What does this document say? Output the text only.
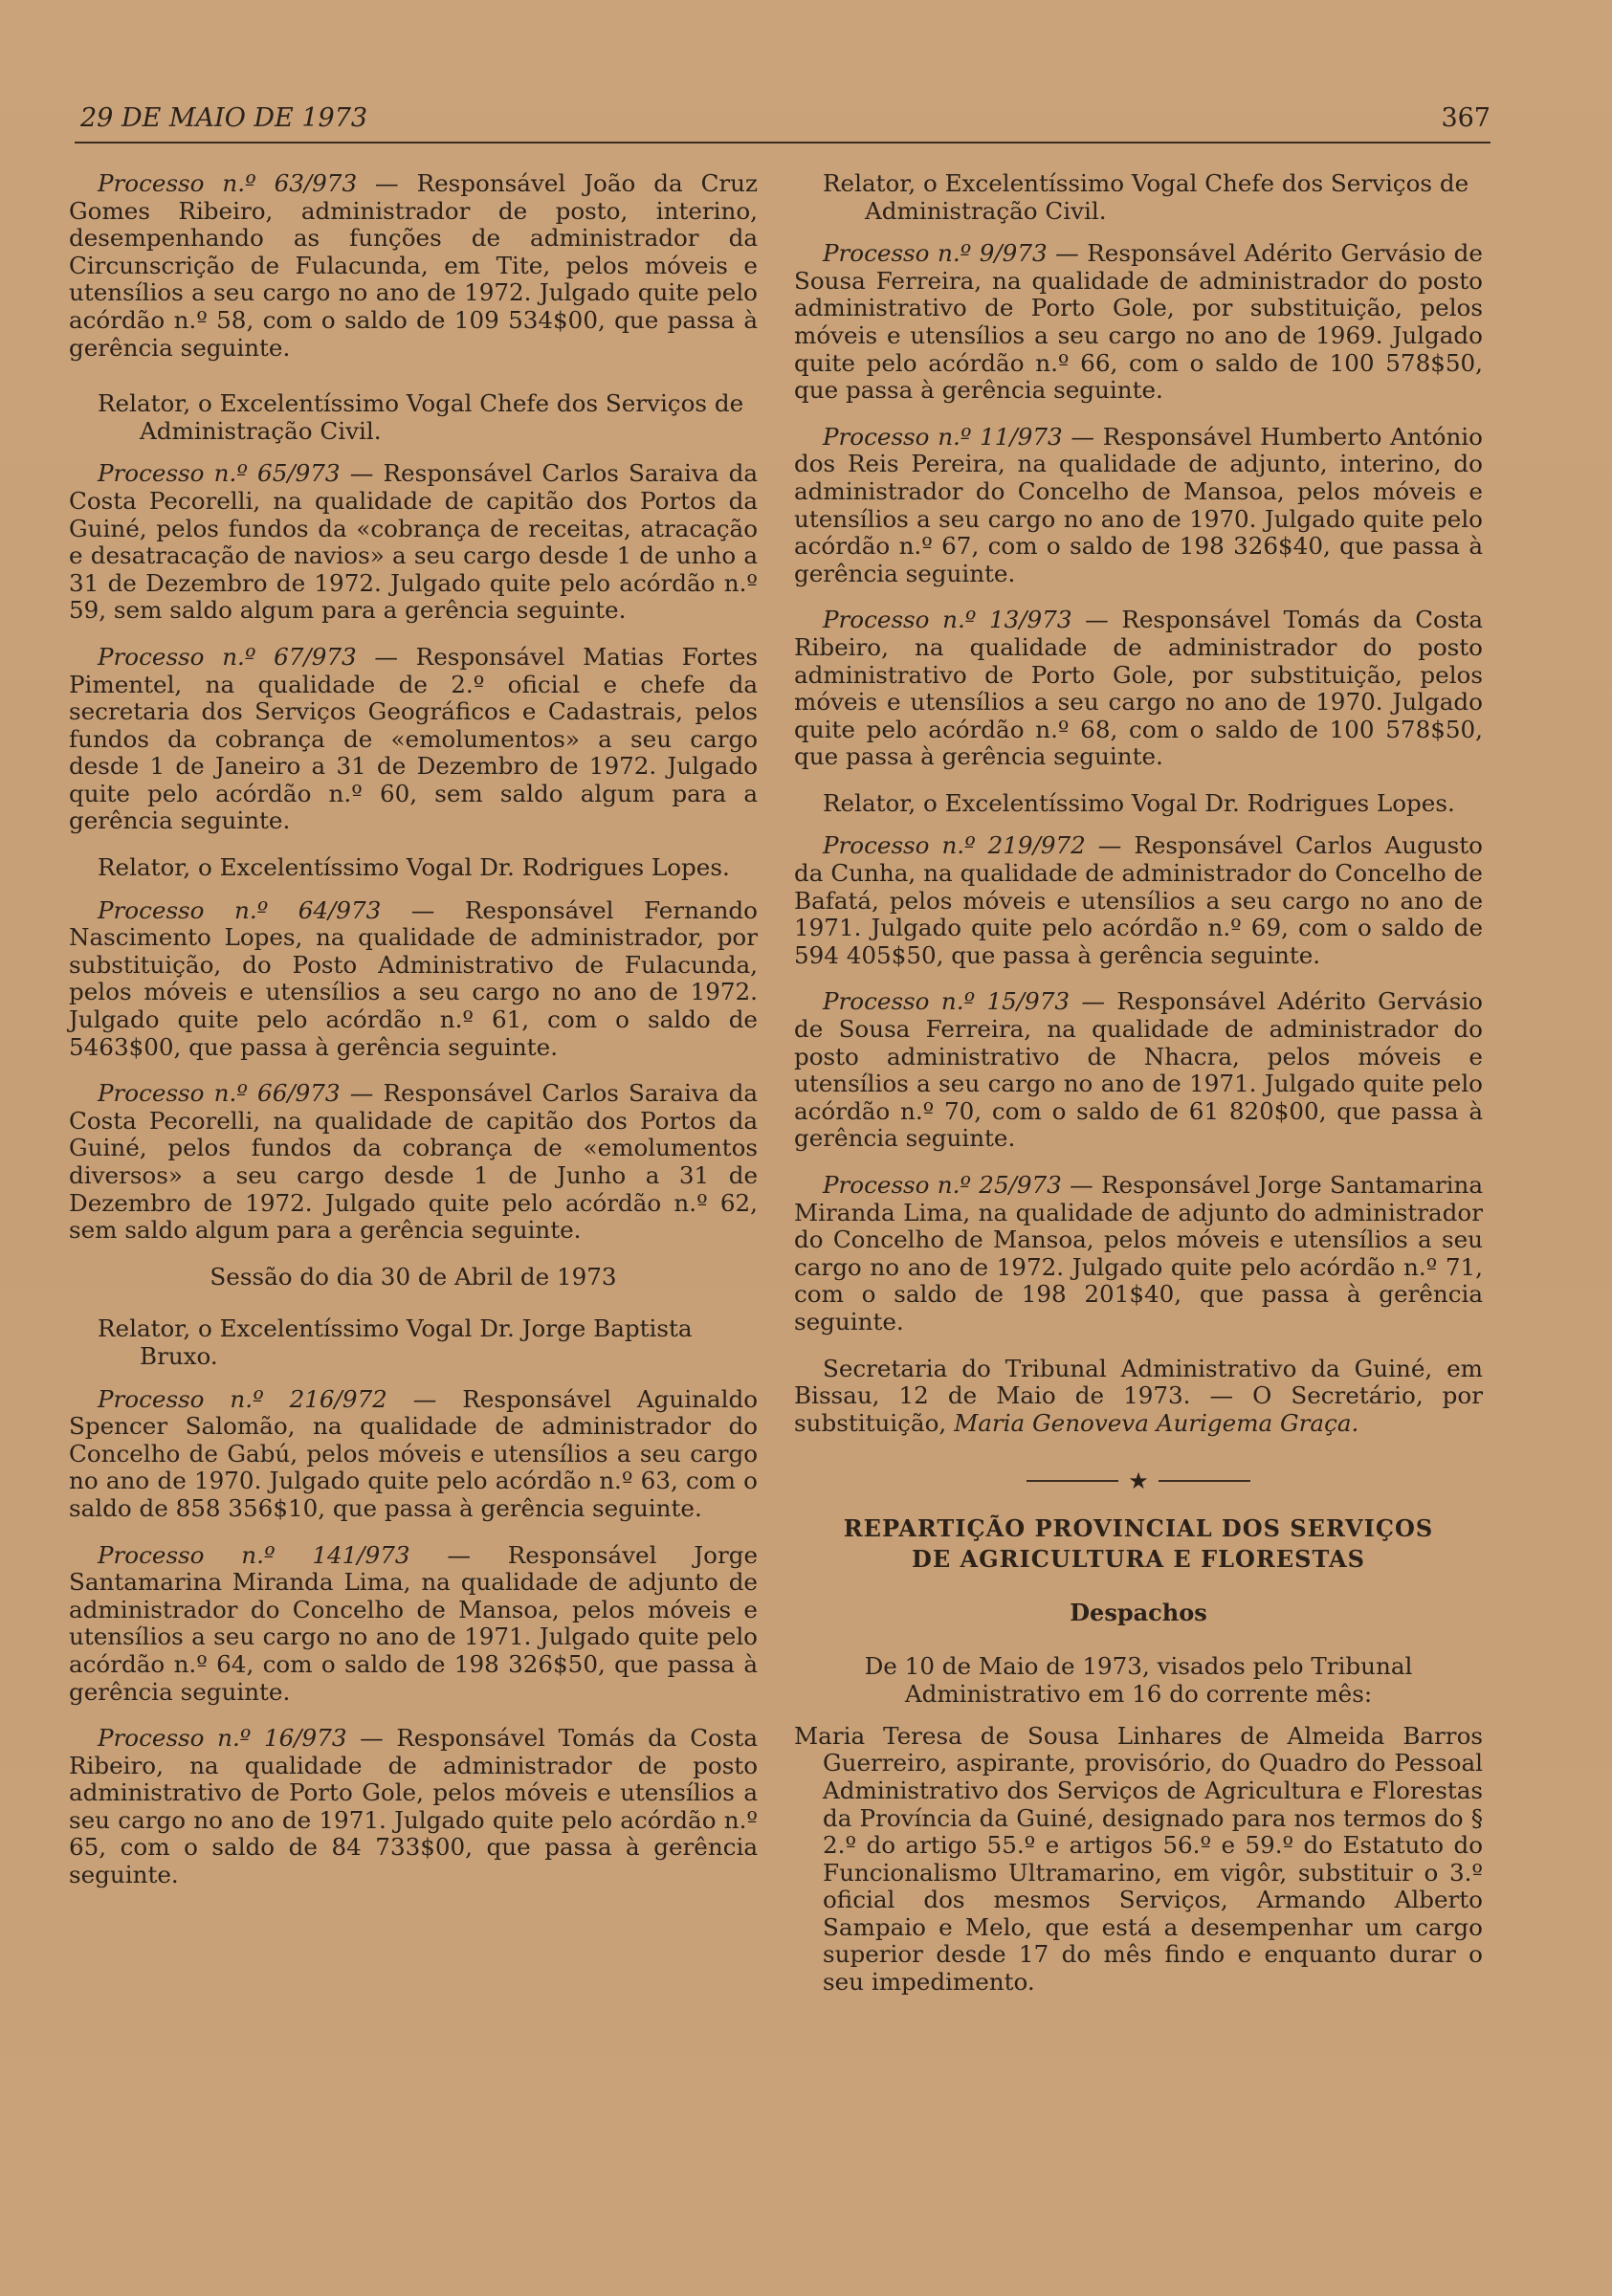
29 DE MAIO DE 1973	367

Processo n.º 63/973 — Responsável João da Cruz Gomes Ribeiro, administrador de posto, interino, desempenhando as funções de administrador da Circunscrição de Fulacunda, em Tite, pelos móveis e utensílios a seu cargo no ano de 1972. Julgado quite pelo acórdão n.º 58, com o saldo de 109 534$00, que passa à gerência seguinte.

Relator, o Excelentíssimo Vogal Chefe dos Serviços de Administração Civil.

Processo n.º 65/973 — Responsável Carlos Saraiva da Costa Pecorelli, na qualidade de capitão dos Portos da Guiné, pelos fundos da «cobrança de receitas, atracação e desatracação de navios» a seu cargo desde 1 de unho a 31 de Dezembro de 1972. Julgado quite pelo acórdão n.º 59, sem saldo algum para a gerência seguinte.

Processo n.º 67/973 — Responsável Matias Fortes Pimentel, na qualidade de 2.º oficial e chefe da secretaria dos Serviços Geográficos e Cadastrais, pelos fundos da cobrança de «emolumentos» a seu cargo desde 1 de Janeiro a 31 de Dezembro de 1972. Julgado quite pelo acórdão n.º 60, sem saldo algum para a gerência seguinte.

Relator, o Excelentíssimo Vogal Dr. Rodrigues Lopes.

Processo n.º 64/973 — Responsável Fernando Nascimento Lopes, na qualidade de administrador, por substituição, do Posto Administrativo de Fulacunda, pelos móveis e utensílios a seu cargo no ano de 1972. Julgado quite pelo acórdão n.º 61, com o saldo de 5463$00, que passa à gerência seguinte.

Processo n.º 66/973 — Responsável Carlos Saraiva da Costa Pecorelli, na qualidade de capitão dos Portos da Guiné, pelos fundos da cobrança de «emolumentos diversos» a seu cargo desde 1 de Junho a 31 de Dezembro de 1972. Julgado quite pelo acórdão n.º 62, sem saldo algum para a gerência seguinte.

Sessão do dia 30 de Abril de 1973

Relator, o Excelentíssimo Vogal Dr. Jorge Baptista Bruxo.

Processo n.º 216/972 — Responsável Aguinaldo Spencer Salomão, na qualidade de administrador do Concelho de Gabú, pelos móveis e utensílios a seu cargo no ano de 1970. Julgado quite pelo acórdão n.º 63, com o saldo de 858 356$10, que passa à gerência seguinte.

Processo n.º 141/973 — Responsável Jorge Santamarina Miranda Lima, na qualidade de adjunto de administrador do Concelho de Mansoa, pelos móveis e utensílios a seu cargo no ano de 1971. Julgado quite pelo acórdão n.º 64, com o saldo de 198 326$50, que passa à gerência seguinte.

Processo n.º 16/973 — Responsável Tomás da Costa Ribeiro, na qualidade de administrador de posto administrativo de Porto Gole, pelos móveis e utensílios a seu cargo no ano de 1971. Julgado quite pelo acórdão n.º 65, com o saldo de 84 733$00, que passa à gerência seguinte.

Relator, o Excelentíssimo Vogal Chefe dos Serviços de Administração Civil.

Processo n.º 9/973 — Responsável Adérito Gervásio de Sousa Ferreira, na qualidade de administrador do posto administrativo de Porto Gole, por substituição, pelos móveis e utensílios a seu cargo no ano de 1969. Julgado quite pelo acórdão n.º 66, com o saldo de 100 578$50, que passa à gerência seguinte.

Processo n.º 11/973 — Responsável Humberto António dos Reis Pereira, na qualidade de adjunto, interino, do administrador do Concelho de Mansoa, pelos móveis e utensílios a seu cargo no ano de 1970. Julgado quite pelo acórdão n.º 67, com o saldo de 198 326$40, que passa à gerência seguinte.

Processo n.º 13/973 — Responsável Tomás da Costa Ribeiro, na qualidade de administrador do posto administrativo de Porto Gole, por substituição, pelos móveis e utensílios a seu cargo no ano de 1970. Julgado quite pelo acórdão n.º 68, com o saldo de 100 578$50, que passa à gerência seguinte.

Relator, o Excelentíssimo Vogal Dr. Rodrigues Lopes.

Processo n.º 219/972 — Responsável Carlos Augusto da Cunha, na qualidade de administrador do Concelho de Bafatá, pelos móveis e utensílios a seu cargo no ano de 1971. Julgado quite pelo acórdão n.º 69, com o saldo de 594 405$50, que passa à gerência seguinte.

Processo n.º 15/973 — Responsável Adérito Gervásio de Sousa Ferreira, na qualidade de administrador do posto administrativo de Nhacra, pelos móveis e utensílios a seu cargo no ano de 1971. Julgado quite pelo acórdão n.º 70, com o saldo de 61 820$00, que passa à gerência seguinte.

Processo n.º 25/973 — Responsável Jorge Santamarina Miranda Lima, na qualidade de adjunto do administrador do Concelho de Mansoa, pelos móveis e utensílios a seu cargo no ano de 1972. Julgado quite pelo acórdão n.º 71, com o saldo de 198 201$40, que passa à gerência seguinte.

Secretaria do Tribunal Administrativo da Guiné, em Bissau, 12 de Maio de 1973. — O Secretário, por substituição, Maria Genoveva Aurigema Graça.

★
REPARTIÇÃO PROVINCIAL DOS SERVIÇOS
DE AGRICULTURA E FLORESTAS
Despachos
De 10 de Maio de 1973, visados pelo Tribunal
Administrativo em 16 do corrente mês:

Maria Teresa de Sousa Linhares de Almeida Barros Guerreiro, aspirante, provisório, do Quadro do Pessoal Administrativo dos Serviços de Agricultura e Florestas da Província da Guiné, designado para nos termos do § 2.º do artigo 55.º e artigos 56.º e 59.º do Estatuto do Funcionalismo Ultramarino, em vigôr, substituir o 3.º oficial dos mesmos Serviços, Armando Alberto Sampaio e Melo, que está a desempenhar um cargo superior desde 17 do mês findo e enquanto durar o seu impedimento.
